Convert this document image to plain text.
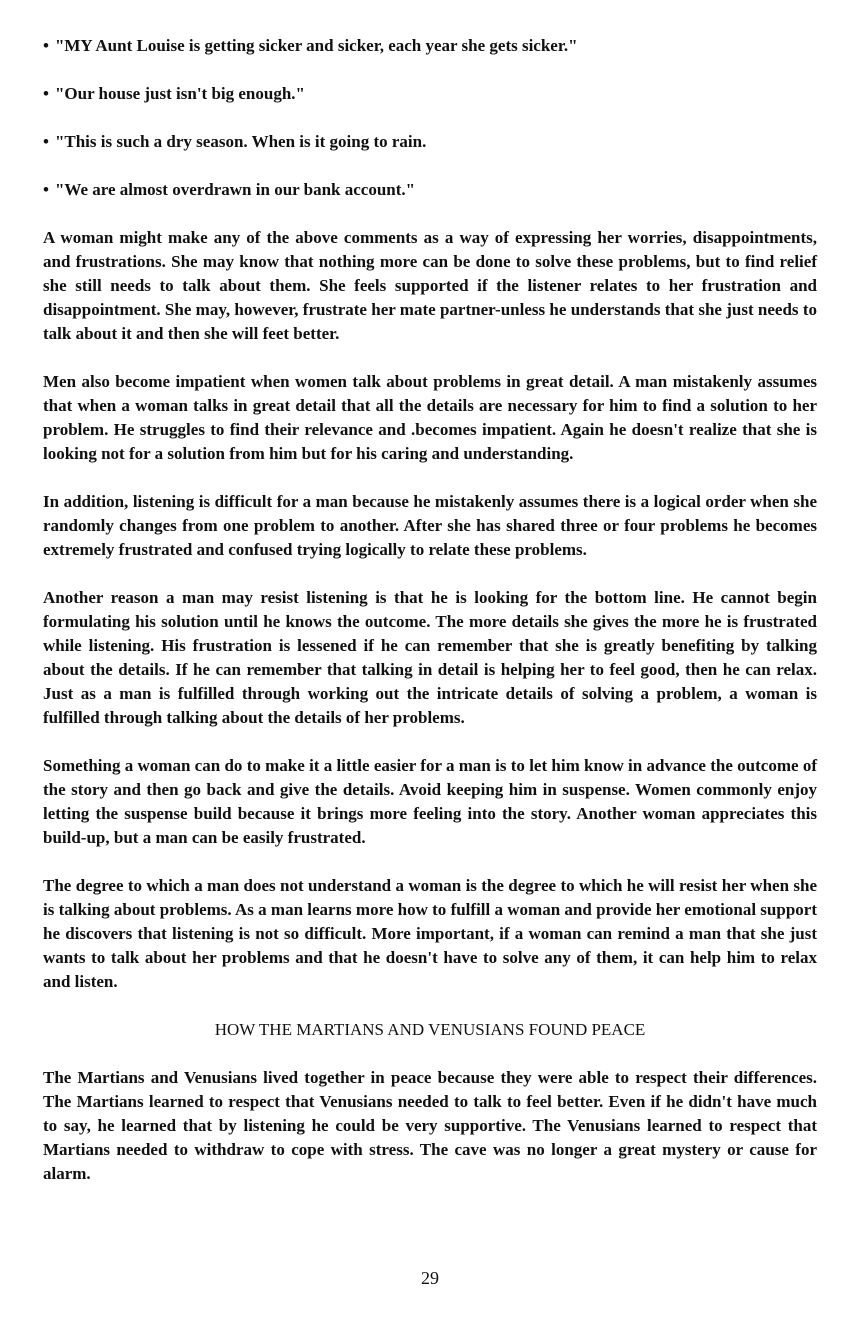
• "MY Aunt Louise is getting sicker and sicker, each year she gets sicker."
• "Our house just isn't big enough."
• "This is such a dry season. When is it going to rain.
• "We are almost overdrawn in our bank account."

A woman might make any of the above comments as a way of expressing her worries, disappointments, and frustrations. She may know that nothing more can be done to solve these problems, but to find relief she still needs to talk about them. She feels supported if the listener relates to her frustration and disappointment. She may, however, frustrate her mate partner-unless he understands that she just needs to talk about it and then she will feet better.

Men also become impatient when women talk about problems in great detail. A man mistakenly assumes that when a woman talks in great detail that all the details are necessary for him to find a solution to her problem. He struggles to find their relevance and .becomes impatient. Again he doesn't realize that she is looking not for a solution from him but for his caring and understanding.

In addition, listening is difficult for a man because he mistakenly assumes there is a logical order when she randomly changes from one problem to another. After she has shared three or four problems he becomes extremely frustrated and confused trying logically to relate these problems.

Another reason a man may resist listening is that he is looking for the bottom line. He cannot begin formulating his solution until he knows the outcome. The more details she gives the more he is frustrated while listening. His frustration is lessened if he can remember that she is greatly benefiting by talking about the details. If he can remember that talking in detail is helping her to feel good, then he can relax. Just as a man is fulfilled through working out the intricate details of solving a problem, a woman is fulfilled through talking about the details of her problems.

Something a woman can do to make it a little easier for a man is to let him know in advance the outcome of the story and then go back and give the details. Avoid keeping him in suspense. Women commonly enjoy letting the suspense build because it brings more feeling into the story. Another woman appreciates this build-up, but a man can be easily frustrated.

The degree to which a man does not understand a woman is the degree to which he will resist her when she is talking about problems. As a man learns more how to fulfill a woman and provide her emotional support he discovers that listening is not so difficult. More important, if a woman can remind a man that she just wants to talk about her problems and that he doesn't have to solve any of them, it can help him to relax and listen.

HOW THE MARTIANS AND VENUSIANS FOUND PEACE

The Martians and Venusians lived together in peace because they were able to respect their differences. The Martians learned to respect that Venusians needed to talk to feel better. Even if he didn't have much to say, he learned that by listening he could be very supportive. The Venusians learned to respect that Martians needed to withdraw to cope with stress. The cave was no longer a great mystery or cause for alarm.

29
